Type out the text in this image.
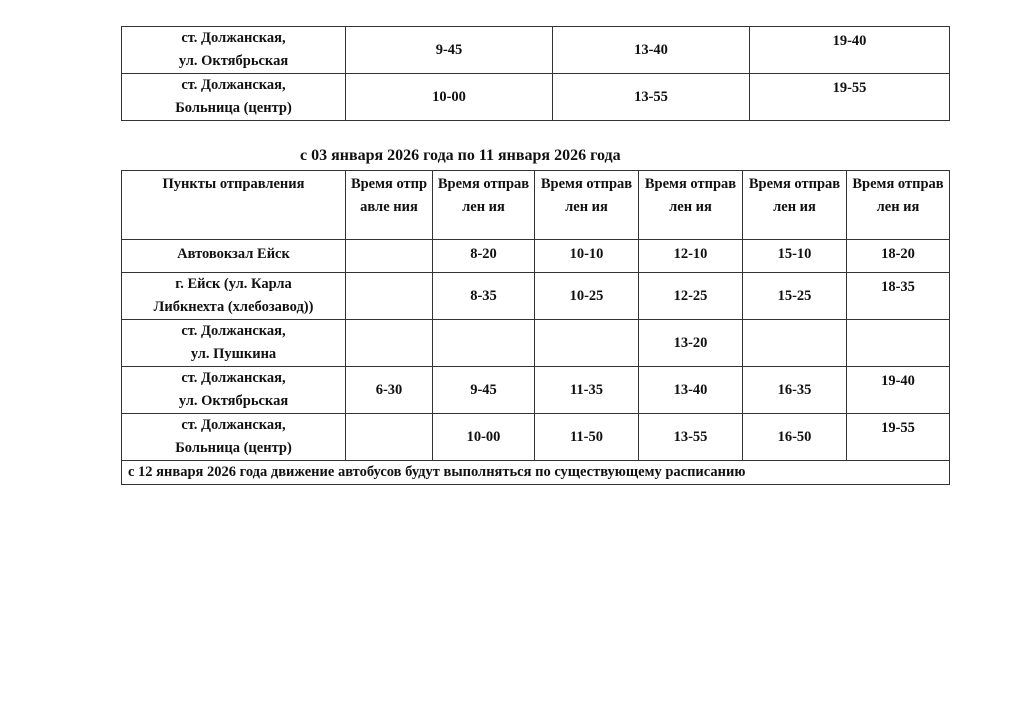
ст. Должанская,
ул. Октябрьская	9-45	13-40	19-40

ст. Должанская,
Больница (центр)	10-00	13-55	19-55
с 03 января 2026 года по 11 января 2026 года
Пункты отправления	Время отправле ния	Время отправлен ия	Время отправлен ия	Время отправлен ия	Время отправлен ия	Время отправлен ия

Автовокзал Ейск		8-20	10-10	12-10	15-10	18-20

г. Ейск (ул. Карла
Либкнехта (хлебозавод))		8-35	10-25	12-25	15-25	18-35

ст. Должанская,
ул. Пушкина				13-20		

ст. Должанская,
ул. Октябрьская	6-30	9-45	11-35	13-40	16-35	19-40

ст. Должанская,
Больница (центр)		10-00	11-50	13-55	16-50	19-55
с 12 января 2026 года движение автобусов будут выполняться по существующему расписанию						
